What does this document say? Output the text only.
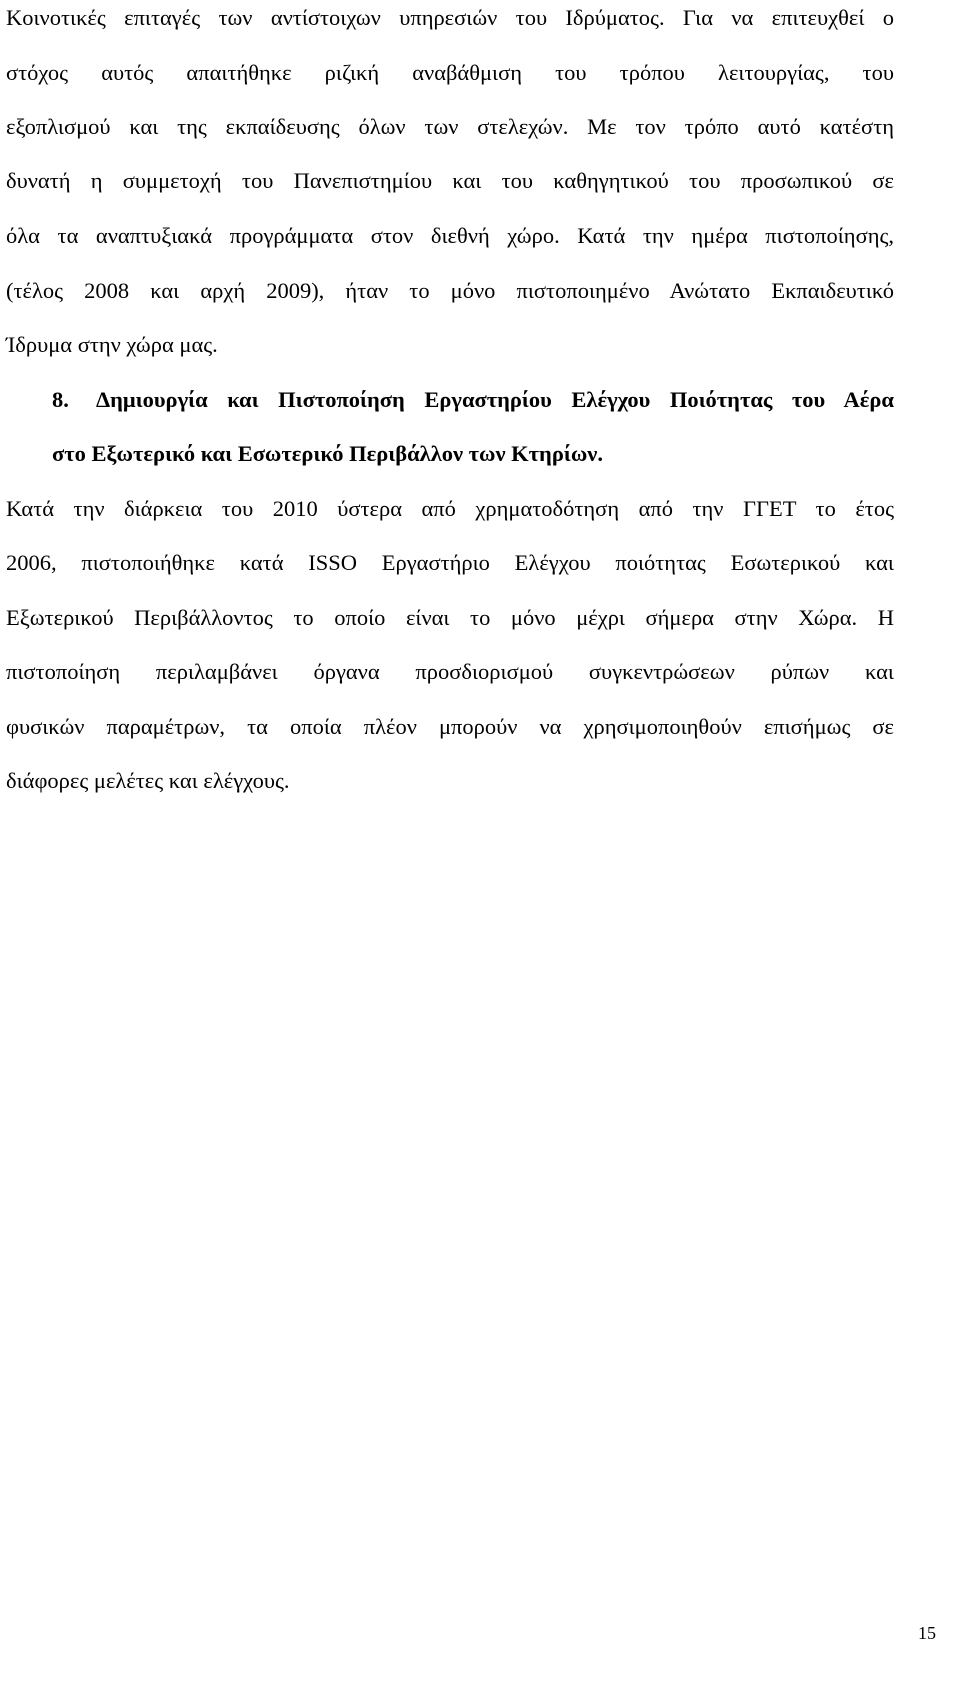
Κοινοτικές επιταγές των αντίστοιχων υπηρεσιών του Ιδρύματος. Για να επιτευχθεί ο
στόχος αυτός απαιτήθηκε ριζική αναβάθμιση του τρόπου λειτουργίας, του
εξοπλισμού και της εκπαίδευσης όλων των στελεχών. Με τον τρόπο αυτό κατέστη
δυνατή η συμμετοχή του Πανεπιστημίου και του καθηγητικού του προσωπικού σε
όλα τα αναπτυξιακά προγράμματα στον διεθνή χώρο. Κατά την ημέρα πιστοποίησης,
(τέλος 2008 και αρχή 2009), ήταν το μόνο πιστοποιημένο Ανώτατο Εκπαιδευτικό
Ίδρυμα στην χώρα μας.
8. Δημιουργία και Πιστοποίηση Εργαστηρίου Ελέγχου Ποιότητας του Αέρα
στο Εξωτερικό και Εσωτερικό Περιβάλλον των Κτηρίων.
Κατά την διάρκεια του 2010 ύστερα από χρηματοδότηση από την ΓΓΕΤ το έτος
2006, πιστοποιήθηκε κατά ISSO Εργαστήριο Ελέγχου ποιότητας Εσωτερικού και
Εξωτερικού Περιβάλλοντος το οποίο είναι το μόνο μέχρι σήμερα στην Χώρα. Η
πιστοποίηση περιλαμβάνει όργανα προσδιορισμού συγκεντρώσεων ρύπων και
φυσικών παραμέτρων, τα οποία πλέον μπορούν να χρησιμοποιηθούν επισήμως σε
διάφορες μελέτες και ελέγχους.
15
